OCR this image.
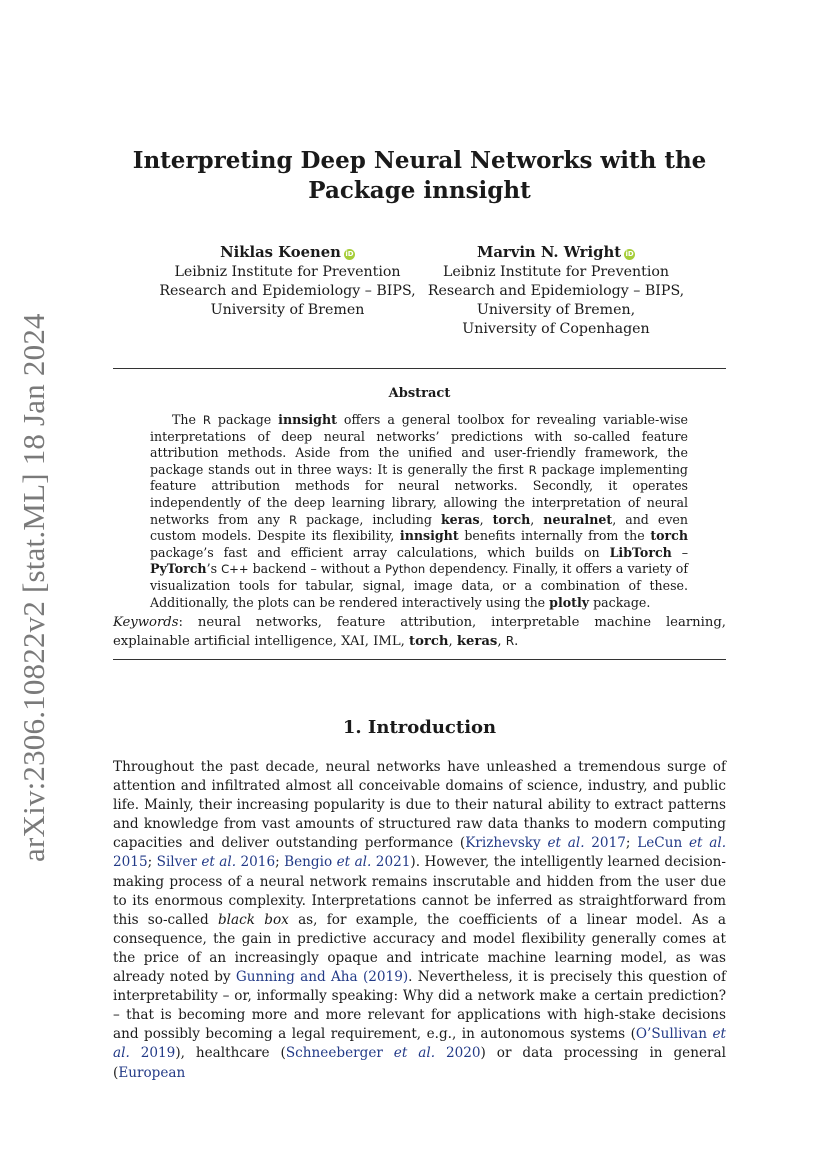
arXiv:2306.10822v2 [stat.ML] 18 Jan 2024
Interpreting Deep Neural Networks with the
Package innsight
Niklas Koenen iD
Leibniz Institute for Prevention
Research and Epidemiology – BIPS,
University of Bremen
Marvin N. Wright iD
Leibniz Institute for Prevention
Research and Epidemiology – BIPS,
University of Bremen,
University of Copenhagen
Abstract

The R package innsight offers a general toolbox for revealing variable-wise interpretations of deep neural networks’ predictions with so-called feature attribution methods. Aside from the unified and user-friendly framework, the package stands out in three ways: It is generally the first R package implementing feature attribution methods for neural networks. Secondly, it operates independently of the deep learning library, allowing the interpretation of neural networks from any R package, including keras, torch, neuralnet, and even custom models. Despite its flexibility, innsight benefits internally from the torch package’s fast and efficient array calculations, which builds on LibTorch – PyTorch’s C++ backend – without a Python dependency. Finally, it offers a variety of visualization tools for tabular, signal, image data, or a combination of these. Additionally, the plots can be rendered interactively using the plotly package.

Keywords: neural networks, feature attribution, interpretable machine learning, explainable artificial intelligence, XAI, IML, torch, keras, R.

1. Introduction

Throughout the past decade, neural networks have unleashed a tremendous surge of attention and infiltrated almost all conceivable domains of science, industry, and public life. Mainly, their increasing popularity is due to their natural ability to extract patterns and knowledge from vast amounts of structured raw data thanks to modern computing capacities and deliver outstanding performance (Krizhevsky et al. 2017; LeCun et al. 2015; Silver et al. 2016; Bengio et al. 2021). However, the intelligently learned decision-making process of a neural network remains inscrutable and hidden from the user due to its enormous complexity. Interpretations cannot be inferred as straightforward from this so-called black box as, for example, the coefficients of a linear model. As a consequence, the gain in predictive accuracy and model flexibility generally comes at the price of an increasingly opaque and intricate machine learning model, as was already noted by Gunning and Aha (2019). Nevertheless, it is precisely this question of interpretability – or, informally speaking: Why did a network make a certain prediction? – that is becoming more and more relevant for applications with high-stake decisions and possibly becoming a legal requirement, e.g., in autonomous systems (O’Sullivan et al. 2019), healthcare (Schneeberger et al. 2020) or data processing in general (European
